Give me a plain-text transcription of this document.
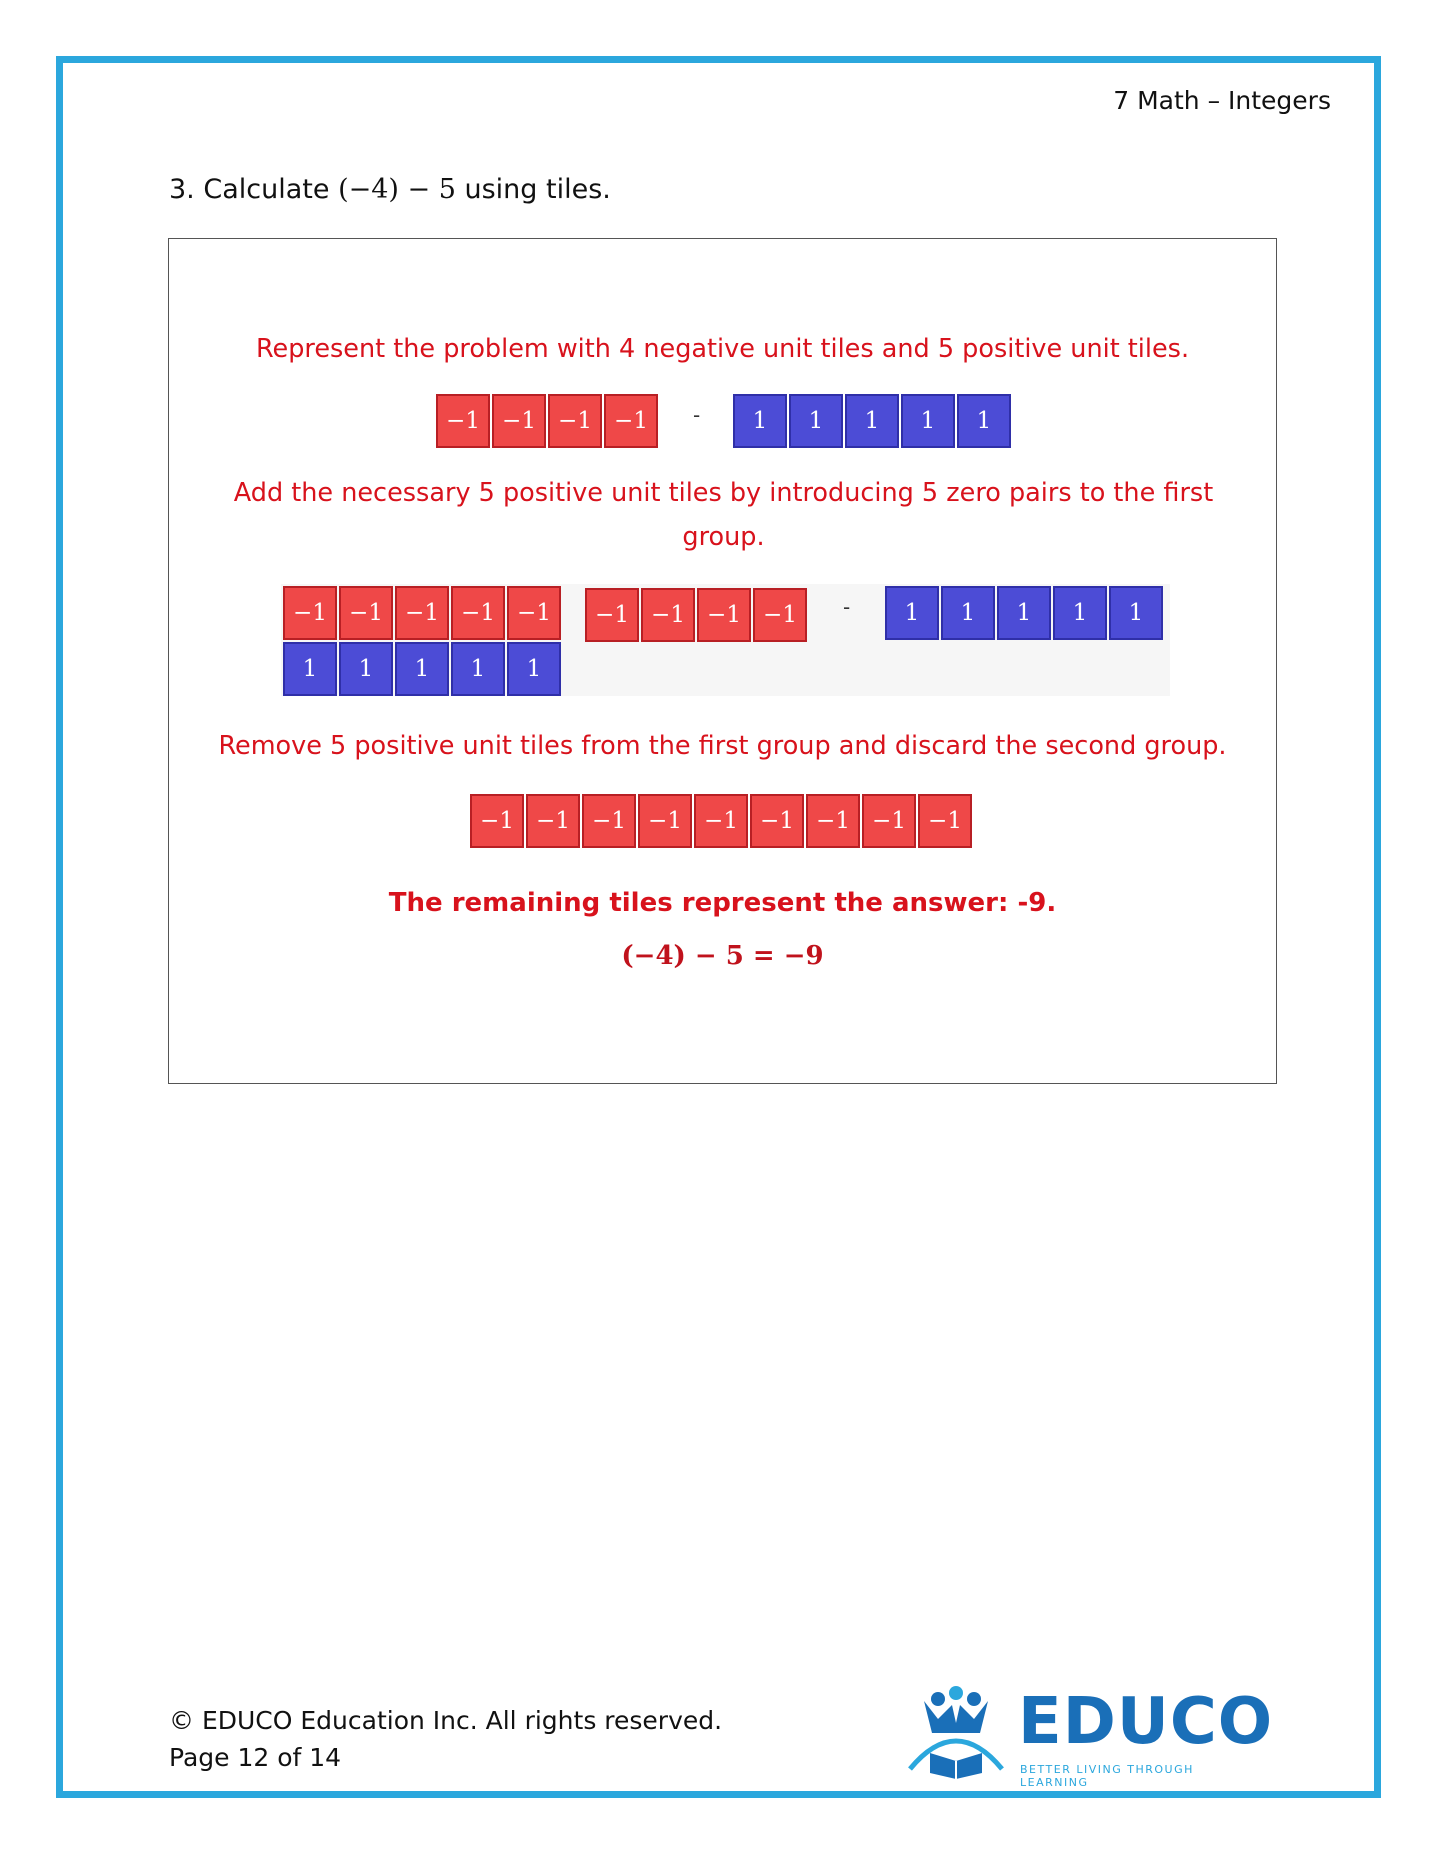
7 Math – Integers
3. Calculate (−4) − 5 using tiles.
Represent the problem with 4 negative unit tiles and 5 positive unit tiles.
−1 −1 −1 −1	-	1	1	1	1	1
Add the necessary 5 positive unit tiles by introducing 5 zero pairs to the first group.
−1 −1 −1 −1 −1
1	1	1	1	1
−1 −1 −1 −1	-	1	1	1	1	1
Remove 5 positive unit tiles from the first group and discard the second group.
−1 −1 −1 −1 −1 −1 −1 −1 −1
The remaining tiles represent the answer: -9.
(−4) − 5 = −9
© EDUCO Education Inc. All rights reserved.
Page 12 of 14	EDUCO
BETTER LIVING THROUGH LEARNING
